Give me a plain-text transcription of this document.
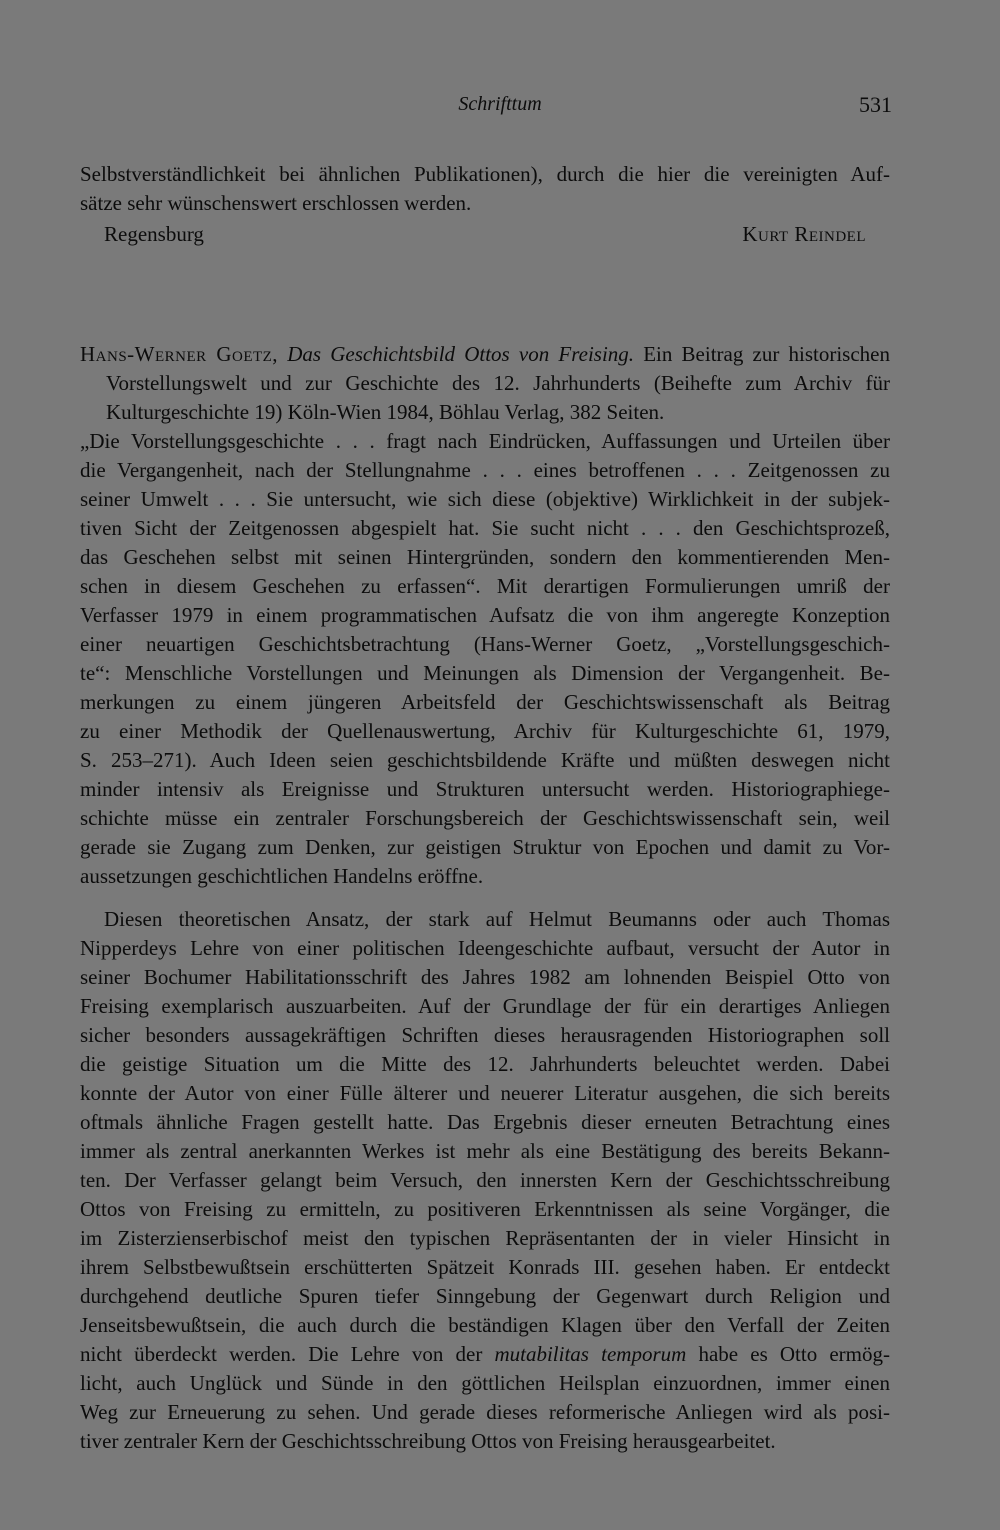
Schrifttum	531
Selbstverständlichkeit bei ähnlichen Publikationen), durch die hier die vereinigten Auf-
sätze sehr wünschenswert erschlossen werden.
Regensburg	Kurt Reindel
Hans-Werner Goetz, Das Geschichtsbild Ottos von Freising. Ein Beitrag zur historischen
Vorstellungswelt und zur Geschichte des 12. Jahrhunderts (Beihefte zum Archiv für
Kulturgeschichte 19) Köln-Wien 1984, Böhlau Verlag, 382 Seiten.
„Die Vorstellungsgeschichte . . . fragt nach Eindrücken, Auffassungen und Urteilen über
die Vergangenheit, nach der Stellungnahme . . . eines betroffenen . . . Zeitgenossen zu
seiner Umwelt . . . Sie untersucht, wie sich diese (objektive) Wirklichkeit in der subjek-
tiven Sicht der Zeitgenossen abgespielt hat. Sie sucht nicht . . . den Geschichtsprozeß,
das Geschehen selbst mit seinen Hintergründen, sondern den kommentierenden Men-
schen in diesem Geschehen zu erfassen“. Mit derartigen Formulierungen umriß der
Verfasser 1979 in einem programmatischen Aufsatz die von ihm angeregte Konzeption
einer neuartigen Geschichtsbetrachtung (Hans-Werner Goetz, „Vorstellungsgeschich-
te“: Menschliche Vorstellungen und Meinungen als Dimension der Vergangenheit. Be-
merkungen zu einem jüngeren Arbeitsfeld der Geschichtswissenschaft als Beitrag
zu einer Methodik der Quellenauswertung, Archiv für Kulturgeschichte 61, 1979,
S. 253–271). Auch Ideen seien geschichtsbildende Kräfte und müßten deswegen nicht
minder intensiv als Ereignisse und Strukturen untersucht werden. Historiographiege-
schichte müsse ein zentraler Forschungsbereich der Geschichtswissenschaft sein, weil
gerade sie Zugang zum Denken, zur geistigen Struktur von Epochen und damit zu Vor-
aussetzungen geschichtlichen Handelns eröffne.
Diesen theoretischen Ansatz, der stark auf Helmut Beumanns oder auch Thomas
Nipperdeys Lehre von einer politischen Ideengeschichte aufbaut, versucht der Autor in
seiner Bochumer Habilitationsschrift des Jahres 1982 am lohnenden Beispiel Otto von
Freising exemplarisch auszuarbeiten. Auf der Grundlage der für ein derartiges Anliegen
sicher besonders aussagekräftigen Schriften dieses herausragenden Historiographen soll
die geistige Situation um die Mitte des 12. Jahrhunderts beleuchtet werden. Dabei
konnte der Autor von einer Fülle älterer und neuerer Literatur ausgehen, die sich bereits
oftmals ähnliche Fragen gestellt hatte. Das Ergebnis dieser erneuten Betrachtung eines
immer als zentral anerkannten Werkes ist mehr als eine Bestätigung des bereits Bekann-
ten. Der Verfasser gelangt beim Versuch, den innersten Kern der Geschichtsschreibung
Ottos von Freising zu ermitteln, zu positiveren Erkenntnissen als seine Vorgänger, die
im Zisterzienserbischof meist den typischen Repräsentanten der in vieler Hinsicht in
ihrem Selbstbewußtsein erschütterten Spätzeit Konrads III. gesehen haben. Er entdeckt
durchgehend deutliche Spuren tiefer Sinngebung der Gegenwart durch Religion und
Jenseitsbewußtsein, die auch durch die beständigen Klagen über den Verfall der Zeiten
nicht überdeckt werden. Die Lehre von der mutabilitas temporum habe es Otto ermög-
licht, auch Unglück und Sünde in den göttlichen Heilsplan einzuordnen, immer einen
Weg zur Erneuerung zu sehen. Und gerade dieses reformerische Anliegen wird als posi-
tiver zentraler Kern der Geschichtsschreibung Ottos von Freising herausgearbeitet.
